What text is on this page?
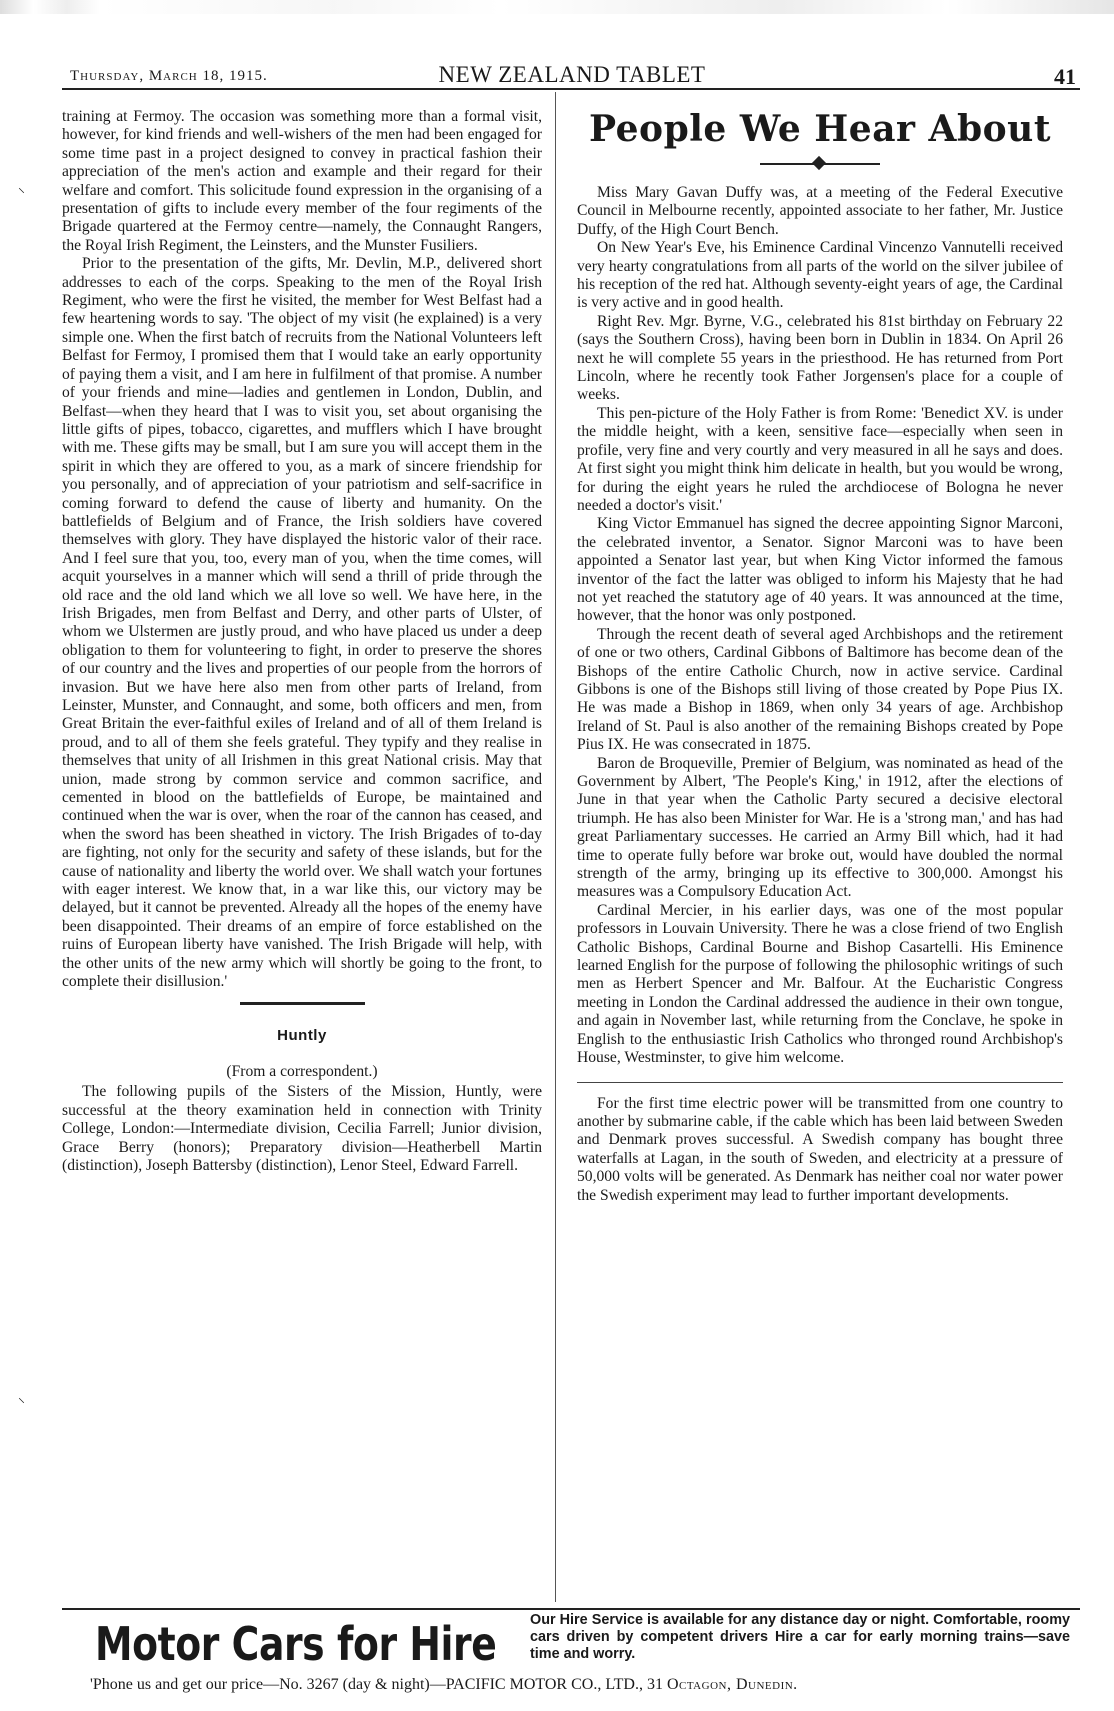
Thursday, March 18, 1915.	NEW ZEALAND TABLET	41
⸜
⸜

training at Fermoy. The occasion was something more than a formal visit, however, for kind friends and well-wishers of the men had been engaged for some time past in a project designed to convey in practical fashion their appreciation of the men's action and example and their regard for their welfare and comfort. This solicitude found expression in the organising of a presentation of gifts to include every member of the four regiments of the Brigade quartered at the Fermoy centre—namely, the Connaught Rangers, the Royal Irish Regiment, the Leinsters, and the Munster Fusiliers.

Prior to the presentation of the gifts, Mr. Devlin, M.P., delivered short addresses to each of the corps. Speaking to the men of the Royal Irish Regiment, who were the first he visited, the member for West Belfast had a few heartening words to say. 'The object of my visit (he explained) is a very simple one. When the first batch of recruits from the National Volunteers left Belfast for Fermoy, I promised them that I would take an early opportunity of paying them a visit, and I am here in fulfilment of that promise. A number of your friends and mine—ladies and gentlemen in London, Dublin, and Belfast—when they heard that I was to visit you, set about organising the little gifts of pipes, tobacco, cigarettes, and mufflers which I have brought with me. These gifts may be small, but I am sure you will accept them in the spirit in which they are offered to you, as a mark of sincere friendship for you personally, and of appreciation of your patriotism and self-sacrifice in coming forward to defend the cause of liberty and humanity. On the battlefields of Belgium and of France, the Irish soldiers have covered themselves with glory. They have displayed the historic valor of their race. And I feel sure that you, too, every man of you, when the time comes, will acquit yourselves in a manner which will send a thrill of pride through the old race and the old land which we all love so well. We have here, in the Irish Brigades, men from Belfast and Derry, and other parts of Ulster, of whom we Ulstermen are justly proud, and who have placed us under a deep obligation to them for volunteering to fight, in order to preserve the shores of our country and the lives and properties of our people from the horrors of invasion. But we have here also men from other parts of Ireland, from Leinster, Munster, and Connaught, and some, both officers and men, from Great Britain the ever-faithful exiles of Ireland and of all of them Ireland is proud, and to all of them she feels grateful. They typify and they realise in themselves that unity of all Irishmen in this great National crisis. May that union, made strong by common service and common sacrifice, and cemented in blood on the battlefields of Europe, be maintained and continued when the war is over, when the roar of the cannon has ceased, and when the sword has been sheathed in victory. The Irish Brigades of to-day are fighting, not only for the security and safety of these islands, but for the cause of nationality and liberty the world over. We shall watch your fortunes with eager interest. We know that, in a war like this, our victory may be delayed, but it cannot be prevented. Already all the hopes of the enemy have been disappointed. Their dreams of an empire of force established on the ruins of European liberty have vanished. The Irish Brigade will help, with the other units of the new army which will shortly be going to the front, to complete their disillusion.'

Huntly
(From a correspondent.)

The following pupils of the Sisters of the Mission, Huntly, were successful at the theory examination held in connection with Trinity College, London:—Intermediate division, Cecilia Farrell; Junior division, Grace Berry (honors); Preparatory division—Heatherbell Martin (distinction), Joseph Battersby (distinction), Lenor Steel, Edward Farrell.

People We Hear About

Miss Mary Gavan Duffy was, at a meeting of the Federal Executive Council in Melbourne recently, appointed associate to her father, Mr. Justice Duffy, of the High Court Bench.

On New Year's Eve, his Eminence Cardinal Vincenzo Vannutelli received very hearty congratulations from all parts of the world on the silver jubilee of his reception of the red hat. Although seventy-eight years of age, the Cardinal is very active and in good health.

Right Rev. Mgr. Byrne, V.G., celebrated his 81st birthday on February 22 (says the Southern Cross), having been born in Dublin in 1834. On April 26 next he will complete 55 years in the priesthood. He has returned from Port Lincoln, where he recently took Father Jorgensen's place for a couple of weeks.

This pen-picture of the Holy Father is from Rome: 'Benedict XV. is under the middle height, with a keen, sensitive face—especially when seen in profile, very fine and very courtly and very measured in all he says and does. At first sight you might think him delicate in health, but you would be wrong, for during the eight years he ruled the archdiocese of Bologna he never needed a doctor's visit.'

King Victor Emmanuel has signed the decree appointing Signor Marconi, the celebrated inventor, a Senator. Signor Marconi was to have been appointed a Senator last year, but when King Victor informed the famous inventor of the fact the latter was obliged to inform his Majesty that he had not yet reached the statutory age of 40 years. It was announced at the time, however, that the honor was only postponed.

Through the recent death of several aged Archbishops and the retirement of one or two others, Cardinal Gibbons of Baltimore has become dean of the Bishops of the entire Catholic Church, now in active service. Cardinal Gibbons is one of the Bishops still living of those created by Pope Pius IX. He was made a Bishop in 1869, when only 34 years of age. Archbishop Ireland of St. Paul is also another of the remaining Bishops created by Pope Pius IX. He was consecrated in 1875.

Baron de Broqueville, Premier of Belgium, was nominated as head of the Government by Albert, 'The People's King,' in 1912, after the elections of June in that year when the Catholic Party secured a decisive electoral triumph. He has also been Minister for War. He is a 'strong man,' and has had great Parliamentary successes. He carried an Army Bill which, had it had time to operate fully before war broke out, would have doubled the normal strength of the army, bringing up its effective to 300,000. Amongst his measures was a Compulsory Education Act.

Cardinal Mercier, in his earlier days, was one of the most popular professors in Louvain University. There he was a close friend of two English Catholic Bishops, Cardinal Bourne and Bishop Casartelli. His Eminence learned English for the purpose of following the philosophic writings of such men as Herbert Spencer and Mr. Balfour. At the Eucharistic Congress meeting in London the Cardinal addressed the audience in their own tongue, and again in November last, while returning from the Conclave, he spoke in English to the enthusiastic Irish Catholics who thronged round Archbishop's House, Westminster, to give him welcome.

For the first time electric power will be transmitted from one country to another by submarine cable, if the cable which has been laid between Sweden and Denmark proves successful. A Swedish company has bought three waterfalls at Lagan, in the south of Sweden, and electricity at a pressure of 50,000 volts will be generated. As Denmark has neither coal nor water power the Swedish experiment may lead to further important developments.

Motor Cars for Hire Our Hire Service is available for any distance day or night. Comfortable, roomy cars driven by competent drivers Hire a car for early morning trains—save time and worry.
'Phone us and get our price—No. 3267 (day & night)—PACIFIC MOTOR CO., LTD., 31 Octagon, Dunedin.
